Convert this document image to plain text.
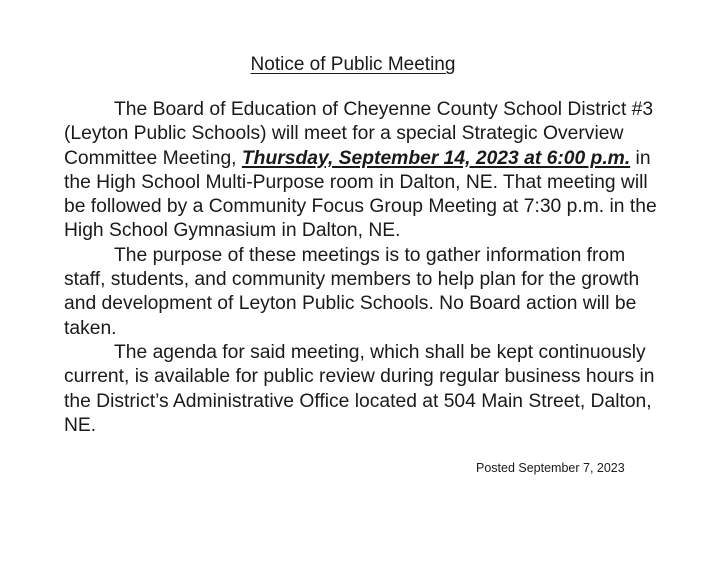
Notice of Public Meeting

The Board of Education of Cheyenne County School District #3 (Leyton Public Schools) will meet for a special Strategic Overview Committee Meeting, Thursday, September 14, 2023 at 6:00 p.m. in the High School Multi-Purpose room in Dalton, NE. That meeting will be followed by a Community Focus Group Meeting at 7:30 p.m. in the High School Gymnasium in Dalton, NE.

The purpose of these meetings is to gather information from staff, students, and community members to help plan for the growth and development of Leyton Public Schools. No Board action will be taken.

The agenda for said meeting, which shall be kept continuously current, is available for public review during regular business hours in the District’s Administrative Office located at 504 Main Street, Dalton, NE.

Posted September 7, 2023
